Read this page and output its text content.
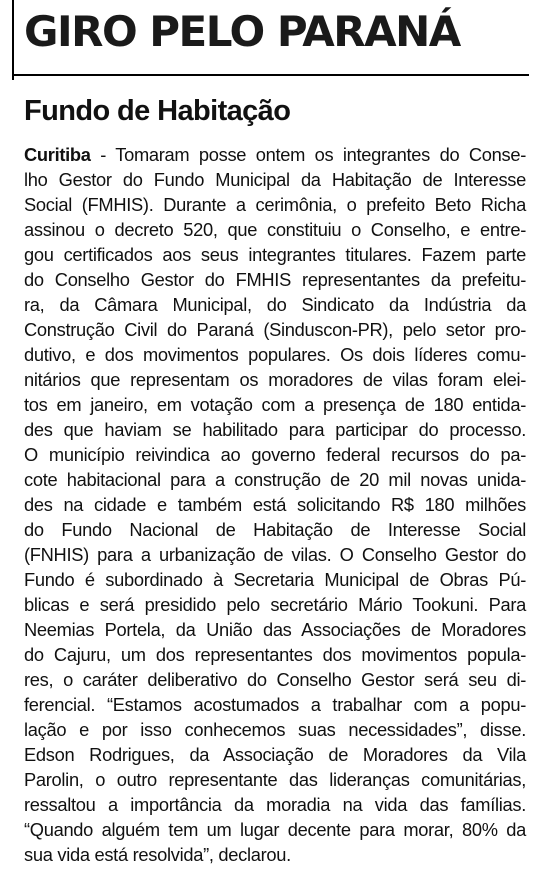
GIRO PELO PARANÁ
Fundo de Habitação
Curitiba - Tomaram posse ontem os integrantes do Conse-
lho Gestor do Fundo Municipal da Habitação de Interesse
Social (FMHIS). Durante a cerimônia, o prefeito Beto Richa
assinou o decreto 520, que constituiu o Conselho, e entre-
gou certificados aos seus integrantes titulares. Fazem parte
do Conselho Gestor do FMHIS representantes da prefeitu-
ra, da Câmara Municipal, do Sindicato da Indústria da
Construção Civil do Paraná (Sinduscon-PR), pelo setor pro-
dutivo, e dos movimentos populares. Os dois líderes comu-
nitários que representam os moradores de vilas foram elei-
tos em janeiro, em votação com a presença de 180 entida-
des que haviam se habilitado para participar do processo.
O município reivindica ao governo federal recursos do pa-
cote habitacional para a construção de 20 mil novas unida-
des na cidade e também está solicitando R$ 180 milhões
do Fundo Nacional de Habitação de Interesse Social
(FNHIS) para a urbanização de vilas. O Conselho Gestor do
Fundo é subordinado à Secretaria Municipal de Obras Pú-
blicas e será presidido pelo secretário Mário Tookuni. Para
Neemias Portela, da União das Associações de Moradores
do Cajuru, um dos representantes dos movimentos popula-
res, o caráter deliberativo do Conselho Gestor será seu di-
ferencial. “Estamos acostumados a trabalhar com a popu-
lação e por isso conhecemos suas necessidades”, disse.
Edson Rodrigues, da Associação de Moradores da Vila
Parolin, o outro representante das lideranças comunitárias,
ressaltou a importância da moradia na vida das famílias.
“Quando alguém tem um lugar decente para morar, 80% da
sua vida está resolvida”, declarou.
